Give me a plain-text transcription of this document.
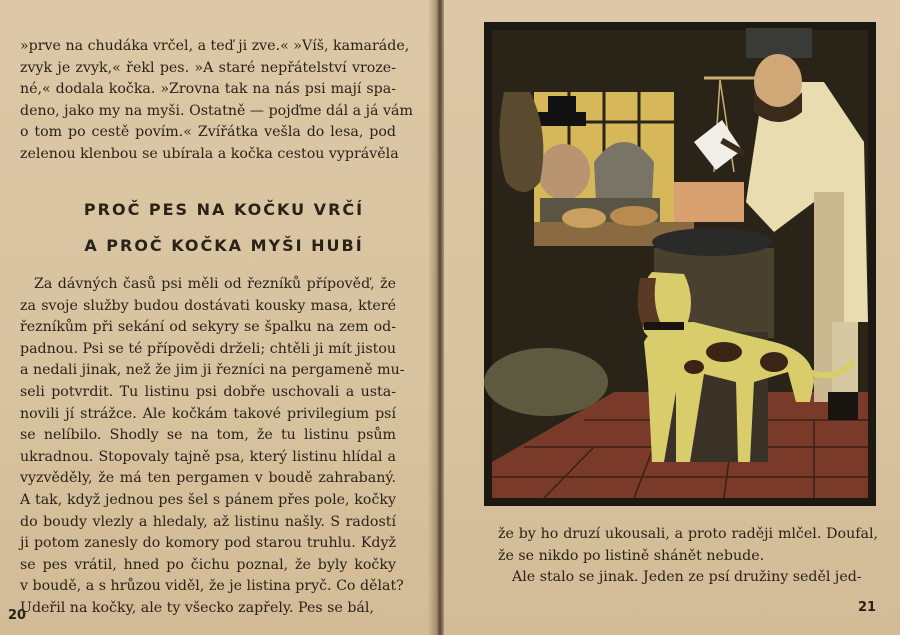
»prve na chudáka vrčel, a teď ji zve.« »Víš, kamaráde,
zvyk je zvyk,« řekl pes. »A staré nepřátelství vroze-
né,« dodala kočka. »Zrovna tak na nás psi mají spa-
deno, jako my na myši. Ostatně — pojďme dál a já vám
o tom po cestě povím.« Zvířátka vešla do lesa, pod
zelenou klenbou se ubírala a kočka cestou vyprávěla
PROČ PES NA KOČKU VRČÍ
A PROČ KOČKA MYŠI HUBÍ
Za dávných časů psi měli od řezníků přípověď, že
za svoje služby budou dostávati kousky masa, které
řezníkům při sekání od sekyry se špalku na zem od-
padnou. Psi se té přípovědi drželi; chtěli ji mít jistou
a nedali jinak, než že jim ji řezníci na pergameně mu-
seli potvrdit. Tu listinu psi dobře uschovali a usta-
novili jí strážce. Ale kočkám takové privilegium psí
se nelíbilo. Shodly se na tom, že tu listinu psům
ukradnou. Stopovaly tajně psa, který listinu hlídal a
vyzvěděly, že má ten pergamen v boudě zahrabaný.
A tak, když jednou pes šel s pánem přes pole, kočky
do boudy vlezly a hledaly, až listinu našly. S radostí
ji potom zanesly do komory pod starou truhlu. Když
se pes vrátil, hned po čichu poznal, že byly kočky
v boudě, a s hrůzou viděl, že je listina pryč. Co dělat?
Udeřil na kočky, ale ty všecko zapřely. Pes se bál,
20
že by ho druzí ukousali, a proto raději mlčel. Doufal,
že se nikdo po listině shánět nebude.
Ale stalo se jinak. Jeden ze psí družiny seděl jed-
21
